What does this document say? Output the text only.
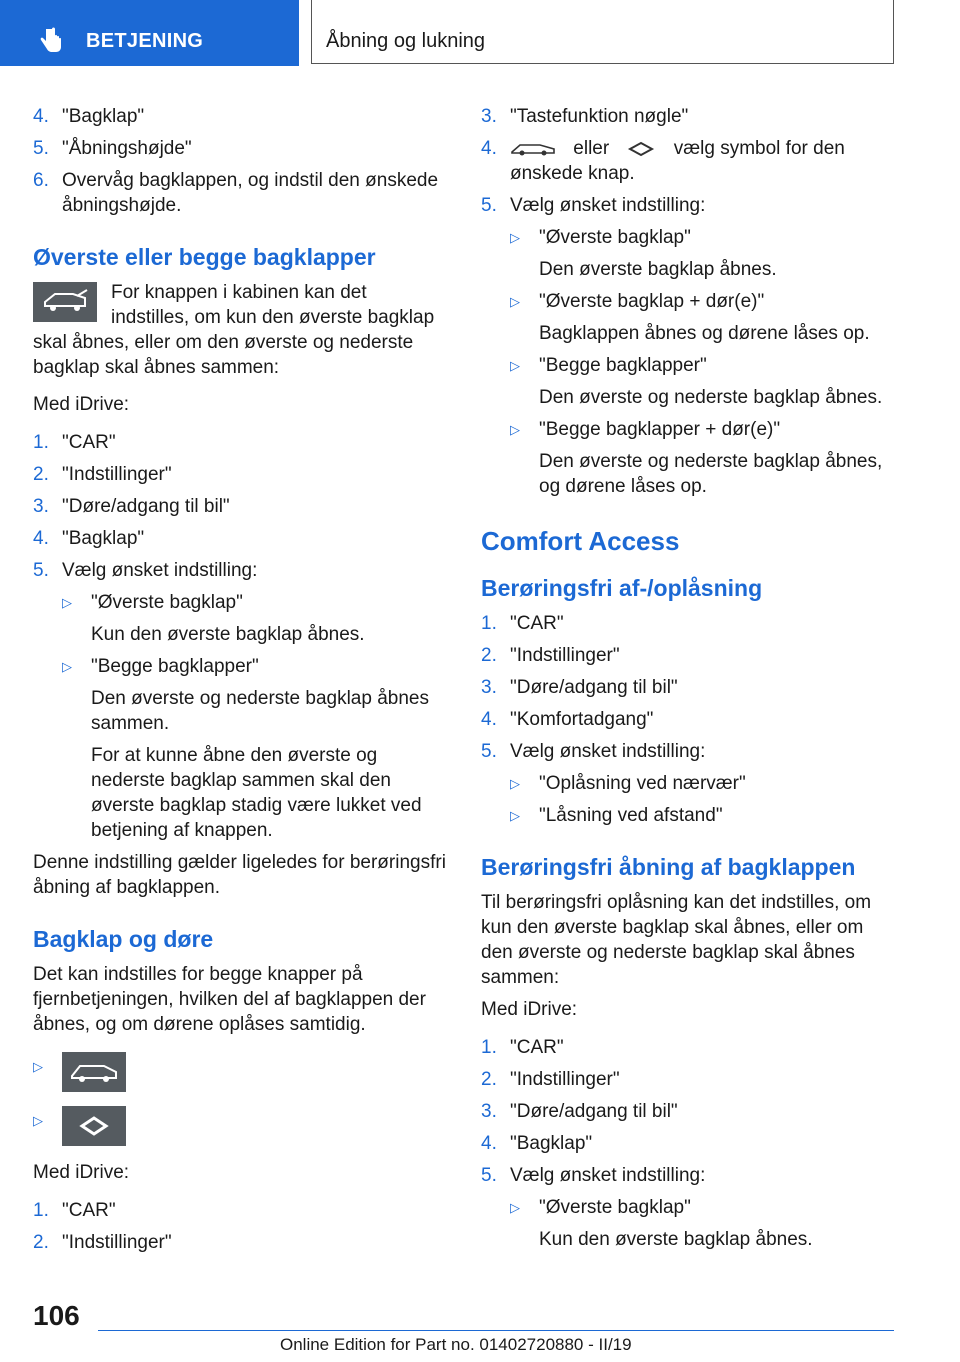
BETJENING	Åbning og lukning
4. "Bagklap"
5. "Åbningshøjde"
6. Overvåg bagklappen, og indstil den ønskede åbningshøjde.
Øverste eller begge bagklapper

For knappen i kabinen kan det indstilles, om kun den øverste bagklap skal åbnes, eller om den øverste og nederste bagklap skal åbnes sammen:

Med iDrive:

1. "CAR"
2. "Indstillinger"
3. "Døre/adgang til bil"
4. "Bagklap"
5. Vælg ønsket indstilling:
▷ "Øverste bagklap"
Kun den øverste bagklap åbnes.
▷ "Begge bagklapper"
Den øverste og nederste bagklap åbnes sammen.
For at kunne åbne den øverste og nederste bagklap sammen skal den øverste bagklap stadig være lukket ved betjening af knappen.

Denne indstilling gælder ligeledes for berøringsfri åbning af bagklappen.

Bagklap og døre

Det kan indstilles for begge knapper på fjernbetjeningen, hvilken del af bagklappen der åbnes, og om dørene oplåses samtidig.

▷
▷

Med iDrive:

1. "CAR"
2. "Indstillinger"
3. "Tastefunktion nøgle"
4.	eller	vælg symbol for den ønskede knap.
5. Vælg ønsket indstilling:
▷ "Øverste bagklap"
Den øverste bagklap åbnes.
▷ "Øverste bagklap + dør(e)"
Bagklappen åbnes og dørene låses op.
▷ "Begge bagklapper"
Den øverste og nederste bagklap åbnes.
▷ "Begge bagklapper + dør(e)"
Den øverste og nederste bagklap åbnes, og dørene låses op.
Comfort Access
Berøringsfri af-/oplåsning
1. "CAR"
2. "Indstillinger"
3. "Døre/adgang til bil"
4. "Komfortadgang"
5. Vælg ønsket indstilling:
▷ "Oplåsning ved nærvær"
▷ "Låsning ved afstand"
Berøringsfri åbning af bagklappen

Til berøringsfri oplåsning kan det indstilles, om kun den øverste bagklap skal åbnes, eller om den øverste og nederste bagklap skal åbnes sammen:

Med iDrive:

1. "CAR"
2. "Indstillinger"
3. "Døre/adgang til bil"
4. "Bagklap"
5. Vælg ønsket indstilling:
▷ "Øverste bagklap"
Kun den øverste bagklap åbnes.
106
Online Edition for Part no. 01402720880 - II/19
